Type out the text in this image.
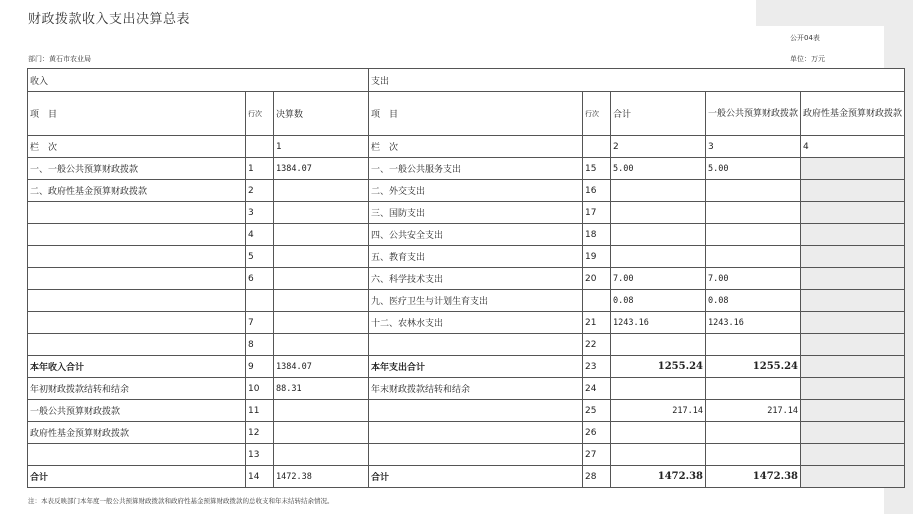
财政拨款收入支出决算总表
公开04表
部门：黄石市农业局	单位：万元
收入			支出				
项　目	行次	决算数	项　目	行次	合计	一般公共预算财政拨款	政府性基金预算财政拨款
栏　次		1	栏　次		2	3	4
一、一般公共预算财政拨款	1	1384.07	一、一般公共服务支出	15	5.00	5.00	
二、政府性基金预算财政拨款	2		二、外交支出	16			
	3		三、国防支出	17			
	4		四、公共安全支出	18			
	5		五、教育支出	19			
	6		六、科学技术支出	20	7.00	7.00	
			九、医疗卫生与计划生育支出		0.08	0.08	
	7		十二、农林水支出	21	1243.16	1243.16	
	8			22			
本年收入合计	9	1384.07	本年支出合计	23	1255.24	1255.24	
年初财政拨款结转和结余	10	88.31	年末财政拨款结转和结余	24			
一般公共预算财政拨款	11			25	217.14	217.14	
政府性基金预算财政拨款	12			26			
	13			27			
合计	14	1472.38	合计	28	1472.38	1472.38	
注：本表反映部门本年度一般公共预算财政拨款和政府性基金预算财政拨款的总收支和年末结转结余情况。
